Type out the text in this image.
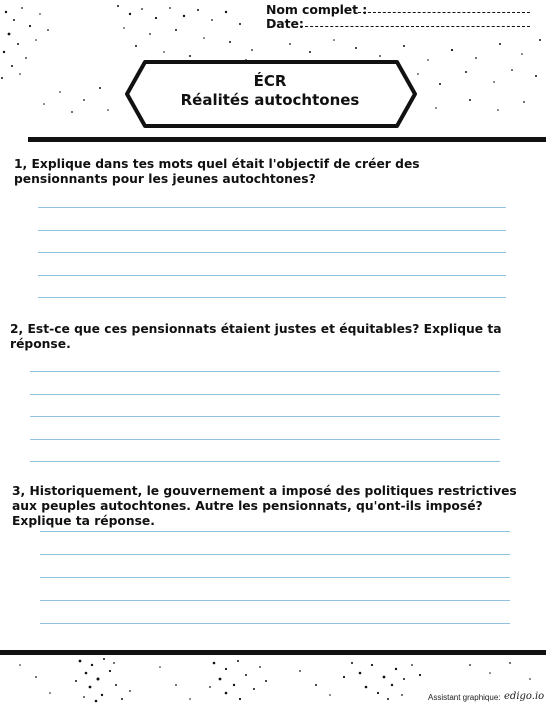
Nom complet :
Date:
ÉCR
Réalités autochtones
1, Explique dans tes mots quel était l'objectif de créer des pensionnants pour les jeunes autochtones?
2, Est-ce que ces pensionnats étaient justes et équitables? Explique ta réponse.
3, Historiquement, le gouvernement a imposé des politiques restrictives aux peuples autochtones. Autre les pensionnats, qu'ont-ils imposé? Explique ta réponse.
Assistant graphique: edigo.io
